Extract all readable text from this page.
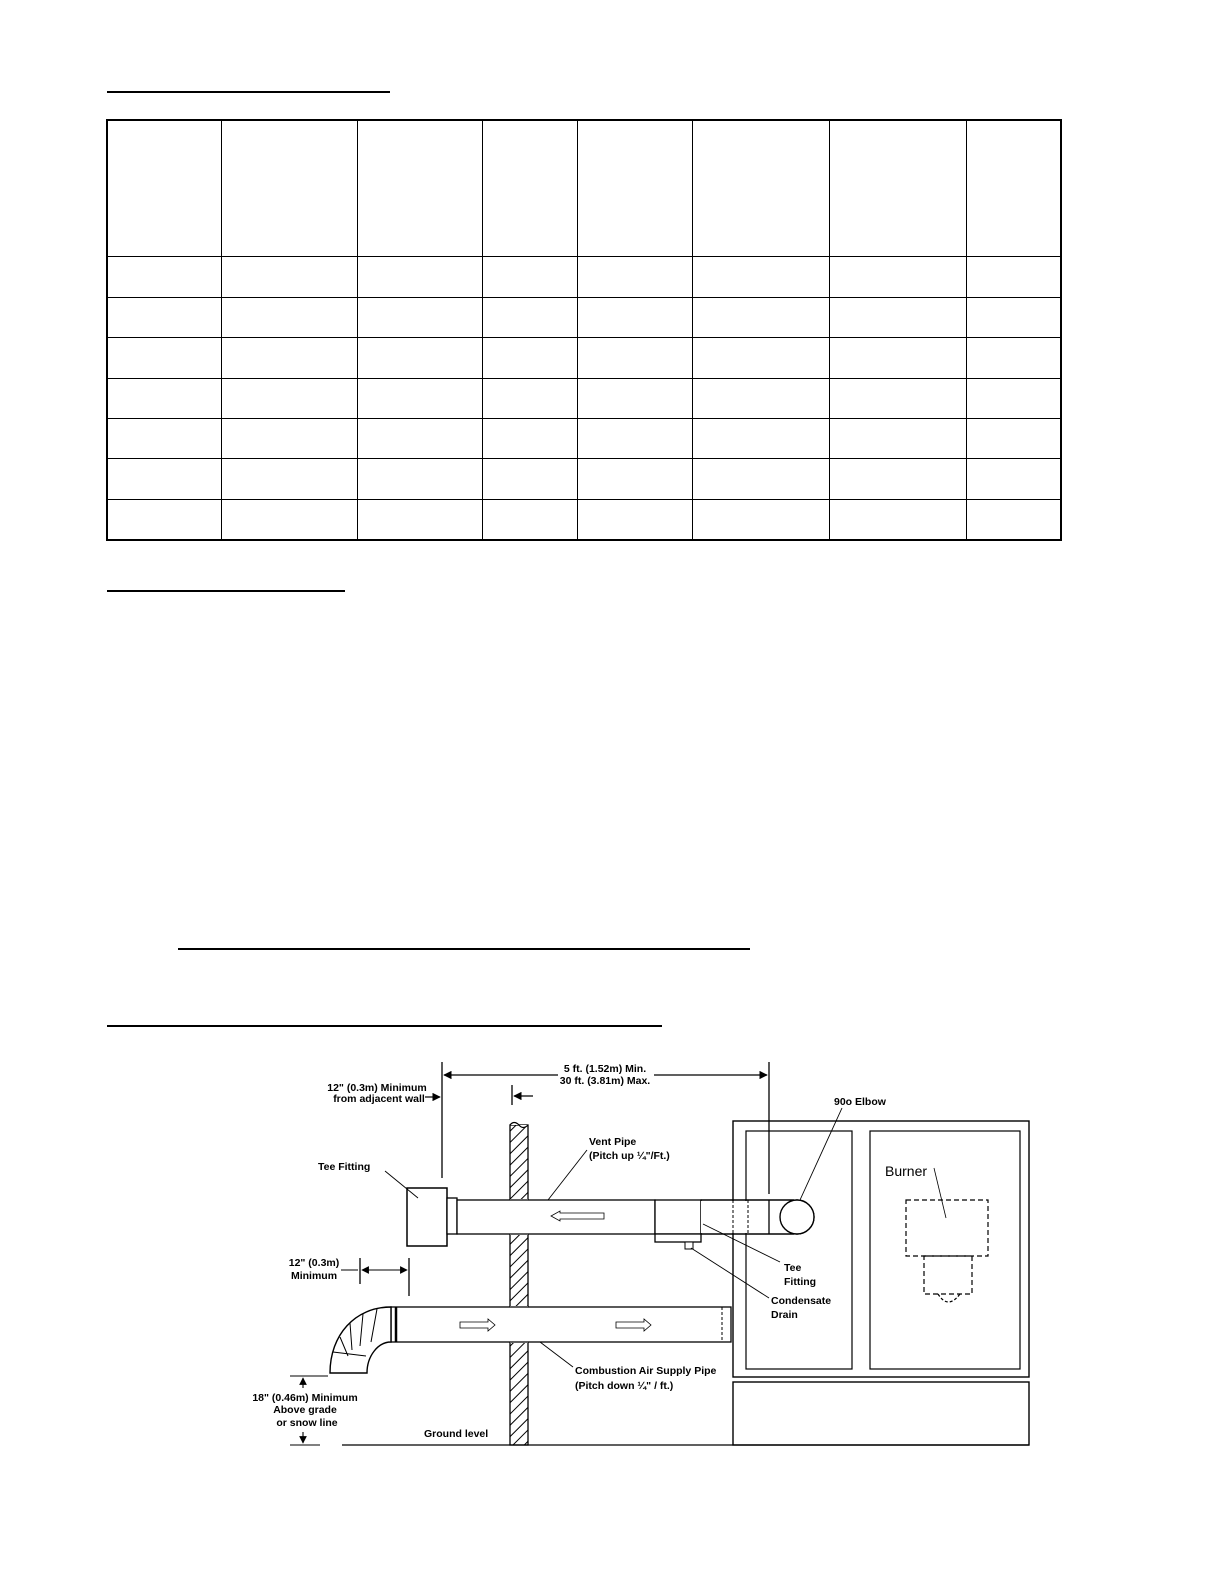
5 ft. (1.52m) Min.
30 ft. (3.81m) Max.
12" (0.3m) Minimum
from adjacent wall
Burner
90o Elbow
Vent Pipe
(Pitch up ¼"/Ft.)
Tee Fitting
Tee
Fitting
Condensate
Drain
12" (0.3m)
Minimum
Combustion Air Supply Pipe
(Pitch down ¼" / ft.)
18" (0.46m) Minimum
Above grade
or snow line
Ground level
